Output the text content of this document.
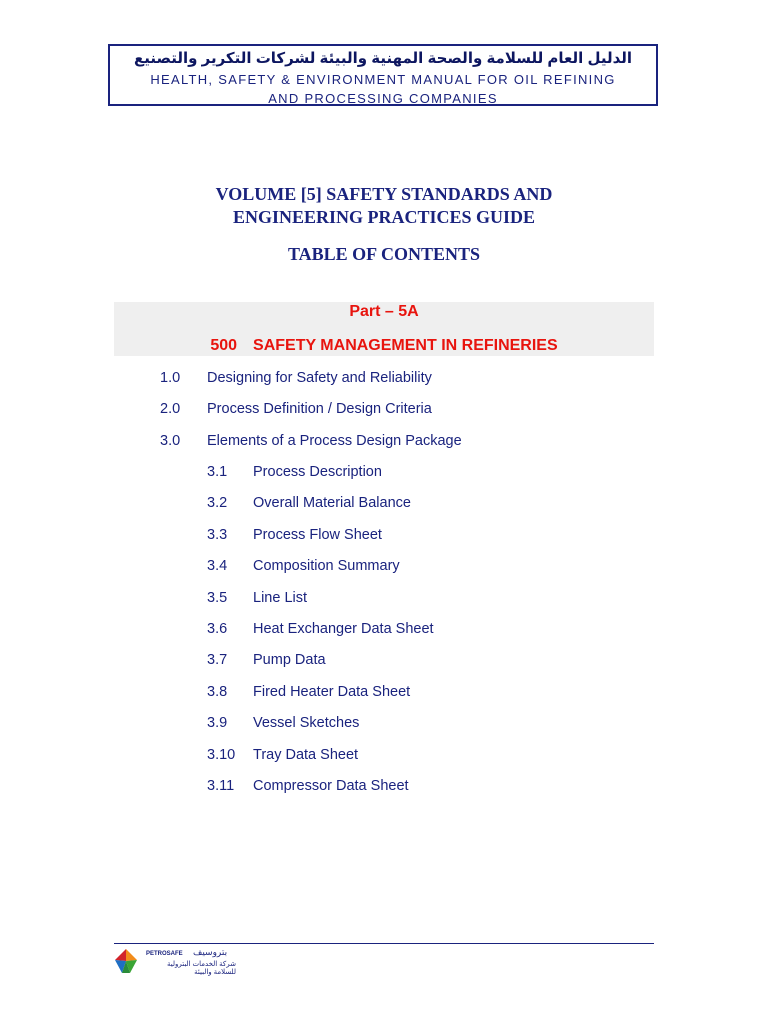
الدليل العام للسلامة والصحة المهنية والبيئة لشركات التكرير والتصنيع
HEALTH, SAFETY & ENVIRONMENT MANUAL FOR OIL REFINING
AND PROCESSING COMPANIES
VOLUME [5] SAFETY STANDARDS AND
ENGINEERING PRACTICES GUIDE
TABLE OF CONTENTS
Part – 5A
500 SAFETY MANAGEMENT IN REFINERIES
1.0 Designing for Safety and Reliability
2.0 Process Definition / Design Criteria
3.0 Elements of a Process Design Package
3.1 Process Description
3.2 Overall Material Balance
3.3 Process Flow Sheet
3.4 Composition Summary
3.5 Line List
3.6 Heat Exchanger Data Sheet
3.7 Pump Data
3.8 Fired Heater Data Sheet
3.9 Vessel Sketches
3.10 Tray Data Sheet
3.11 Compressor Data Sheet
PETROSAFE بتروسيف
شركة الخدمات البترولية للسلامة والبيئة
